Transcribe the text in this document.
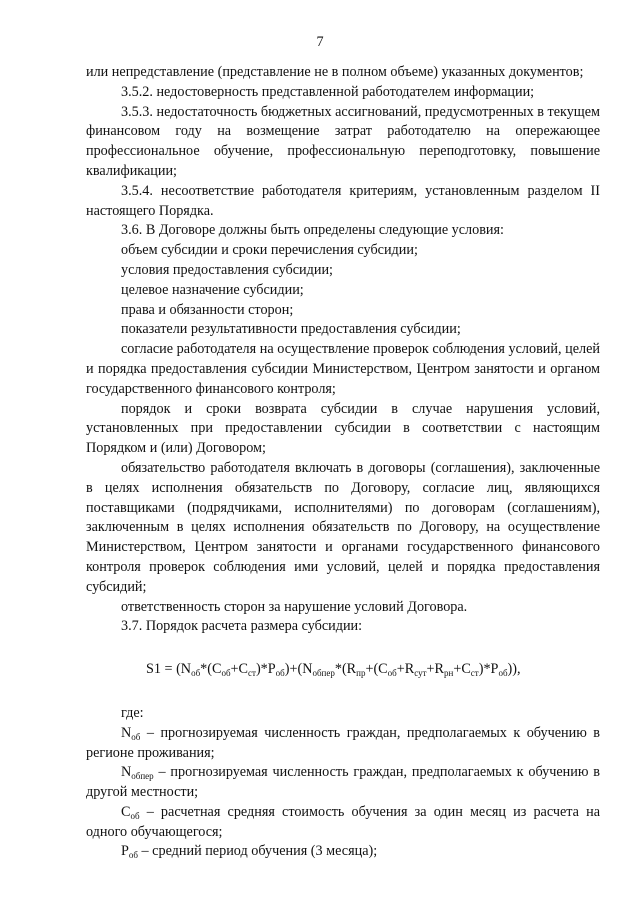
7

или непредставление (представление не в полном объеме) указанных документов;

3.5.2. недостоверность представленной работодателем информации;

3.5.3. недостаточность бюджетных ассигнований, предусмотренных в текущем финансовом году на возмещение затрат работодателю на опережающее профессиональное обучение, профессиональную переподготовку, повышение квалификации;

3.5.4. несоответствие работодателя критериям, установленным разделом II настоящего Порядка.

3.6. В Договоре должны быть определены следующие условия:

объем субсидии и сроки перечисления субсидии;

условия предоставления субсидии;

целевое назначение субсидии;

права и обязанности сторон;

показатели результативности предоставления субсидии;

согласие работодателя на осуществление проверок соблюдения условий, целей и порядка предоставления субсидии Министерством, Центром занятости и органом государственного финансового контроля;

порядок и сроки возврата субсидии в случае нарушения условий, установленных при предоставлении субсидии в соответствии с настоящим Порядком и (или) Договором;

обязательство работодателя включать в договоры (соглашения), заключенные в целях исполнения обязательств по Договору, согласие лиц, являющихся поставщиками (подрядчиками, исполнителями) по договорам (соглашениям), заключенным в целях исполнения обязательств по Договору, на осуществление Министерством, Центром занятости и органами государственного финансового контроля проверок соблюдения ими условий, целей и порядка предоставления субсидий;

ответственность сторон за нарушение условий Договора.

3.7. Порядок расчета размера субсидии:

$S1 = (N_{об}*(С_{об}+С_{ст})*Р_{об})+(N_{обпер}*(R_{пр}+(С_{об}+R_{сут}+R_{рн}+С_{ст})*Р_{об}))$,

где:

$N_{об}$ – прогнозируемая численность граждан, предполагаемых к обучению в регионе проживания;

$N_{обпер}$ – прогнозируемая численность граждан, предполагаемых к обучению в другой местности;

$С_{об}$ – расчетная средняя стоимость обучения за один месяц из расчета на одного обучающегося;

$Р_{об}$ – средний период обучения (3 месяца);
